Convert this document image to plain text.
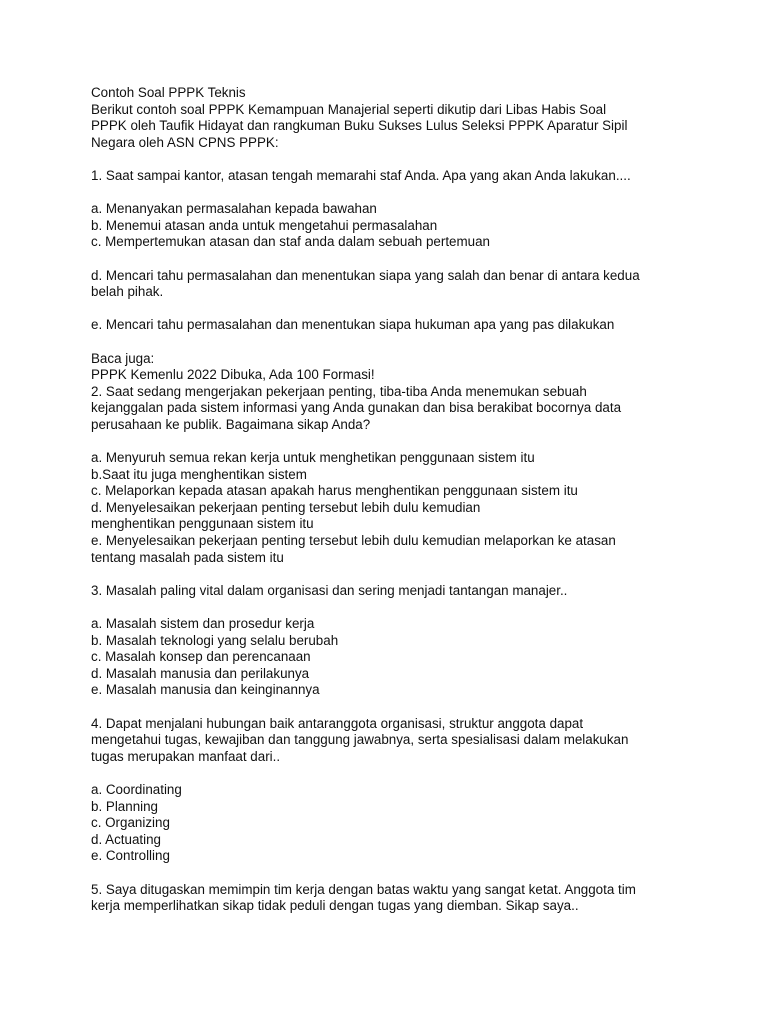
Contoh Soal PPPK Teknis
Berikut contoh soal PPPK Kemampuan Manajerial seperti dikutip dari Libas Habis Soal
PPPK oleh Taufik Hidayat dan rangkuman Buku Sukses Lulus Seleksi PPPK Aparatur Sipil
Negara oleh ASN CPNS PPPK:
1. Saat sampai kantor, atasan tengah memarahi staf Anda. Apa yang akan Anda lakukan....
a. Menanyakan permasalahan kepada bawahan
b. Menemui atasan anda untuk mengetahui permasalahan
c. Mempertemukan atasan dan staf anda dalam sebuah pertemuan
d. Mencari tahu permasalahan dan menentukan siapa yang salah dan benar di antara kedua
belah pihak.
e. Mencari tahu permasalahan dan menentukan siapa hukuman apa yang pas dilakukan
Baca juga:
PPPK Kemenlu 2022 Dibuka, Ada 100 Formasi!
2. Saat sedang mengerjakan pekerjaan penting, tiba-tiba Anda menemukan sebuah
kejanggalan pada sistem informasi yang Anda gunakan dan bisa berakibat bocornya data
perusahaan ke publik. Bagaimana sikap Anda?
a. Menyuruh semua rekan kerja untuk menghetikan penggunaan sistem itu
b.Saat itu juga menghentikan sistem
c. Melaporkan kepada atasan apakah harus menghentikan penggunaan sistem itu
d. Menyelesaikan pekerjaan penting tersebut lebih dulu kemudian
menghentikan penggunaan sistem itu
e. Menyelesaikan pekerjaan penting tersebut lebih dulu kemudian melaporkan ke atasan
tentang masalah pada sistem itu
3. Masalah paling vital dalam organisasi dan sering menjadi tantangan manajer..
a. Masalah sistem dan prosedur kerja
b. Masalah teknologi yang selalu berubah
c. Masalah konsep dan perencanaan
d. Masalah manusia dan perilakunya
e. Masalah manusia dan keinginannya
4. Dapat menjalani hubungan baik antaranggota organisasi, struktur anggota dapat
mengetahui tugas, kewajiban dan tanggung jawabnya, serta spesialisasi dalam melakukan
tugas merupakan manfaat dari..
a. Coordinating
b. Planning
c. Organizing
d. Actuating
e. Controlling
5. Saya ditugaskan memimpin tim kerja dengan batas waktu yang sangat ketat. Anggota tim
kerja memperlihatkan sikap tidak peduli dengan tugas yang diemban. Sikap saya..
